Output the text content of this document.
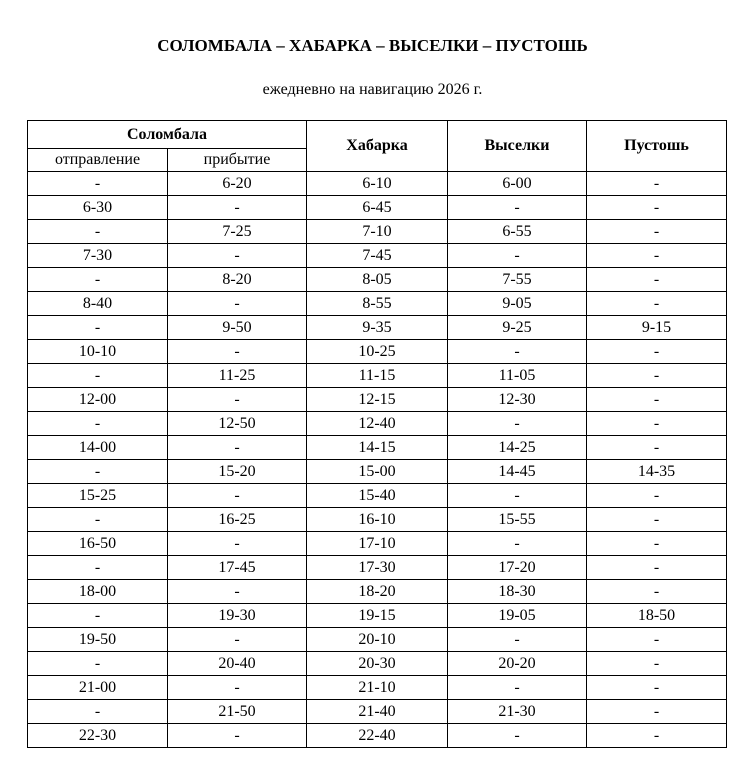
СОЛОМБАЛА – ХАБАРКА – ВЫСЕЛКИ – ПУСТОШЬ
ежедневно на навигацию 2026 г.
Соломбала		Хабарка	Выселки	Пустошь
отправление	прибытие			
-	6-20	6-10	6-00	-
6-30	-	6-45	-	-
-	7-25	7-10	6-55	-
7-30	-	7-45	-	-
-	8-20	8-05	7-55	-
8-40	-	8-55	9-05	-
-	9-50	9-35	9-25	9-15
10-10	-	10-25	-	-
-	11-25	11-15	11-05	-
12-00	-	12-15	12-30	-
-	12-50	12-40	-	-
14-00	-	14-15	14-25	-
-	15-20	15-00	14-45	14-35
15-25	-	15-40	-	-
-	16-25	16-10	15-55	-
16-50	-	17-10	-	-
-	17-45	17-30	17-20	-
18-00	-	18-20	18-30	-
-	19-30	19-15	19-05	18-50
19-50	-	20-10	-	-
-	20-40	20-30	20-20	-
21-00	-	21-10	-	-
-	21-50	21-40	21-30	-
22-30	-	22-40	-	-
